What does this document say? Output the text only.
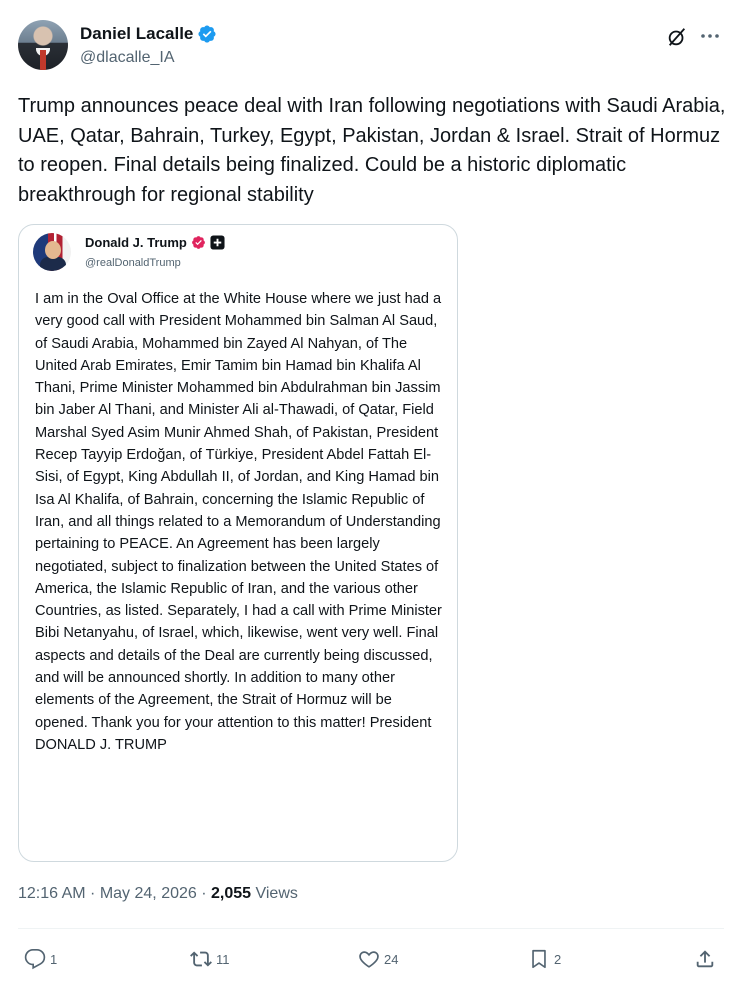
Daniel Lacalle
@dlacalle_IA
Trump announces peace deal with Iran following negotiations with Saudi Arabia, UAE, Qatar, Bahrain, Turkey, Egypt, Pakistan, Jordan & Israel. Strait of Hormuz to reopen. Final details being finalized. Could be a historic diplomatic breakthrough for regional stability
Donald J. Trump
@realDonaldTrump
I am in the Oval Office at the White House where we just had a very good call with President Mohammed bin Salman Al Saud, of Saudi Arabia, Mohammed bin Zayed Al Nahyan, of The United Arab Emirates, Emir Tamim bin Hamad bin Khalifa Al Thani, Prime Minister Mohammed bin Abdulrahman bin Jassim bin Jaber Al Thani, and Minister Ali al-Thawadi, of Qatar, Field Marshal Syed Asim Munir Ahmed Shah, of Pakistan, President Recep Tayyip Erdoğan, of Türkiye, President Abdel Fattah El-Sisi, of Egypt, King Abdullah II, of Jordan, and King Hamad bin Isa Al Khalifa, of Bahrain, concerning the Islamic Republic of Iran, and all things related to a Memorandum of Understanding pertaining to PEACE. An Agreement has been largely negotiated, subject to finalization between the United States of America, the Islamic Republic of Iran, and the various other Countries, as listed. Separately, I had a call with Prime Minister Bibi Netanyahu, of Israel, which, likewise, went very well. Final aspects and details of the Deal are currently being discussed, and will be announced shortly. In addition to many other elements of the Agreement, the Strait of Hormuz will be opened. Thank you for your attention to this matter! President DONALD J. TRUMP
12:16 AM · May 24, 2026 · 2,055 Views
1	11	24	2
